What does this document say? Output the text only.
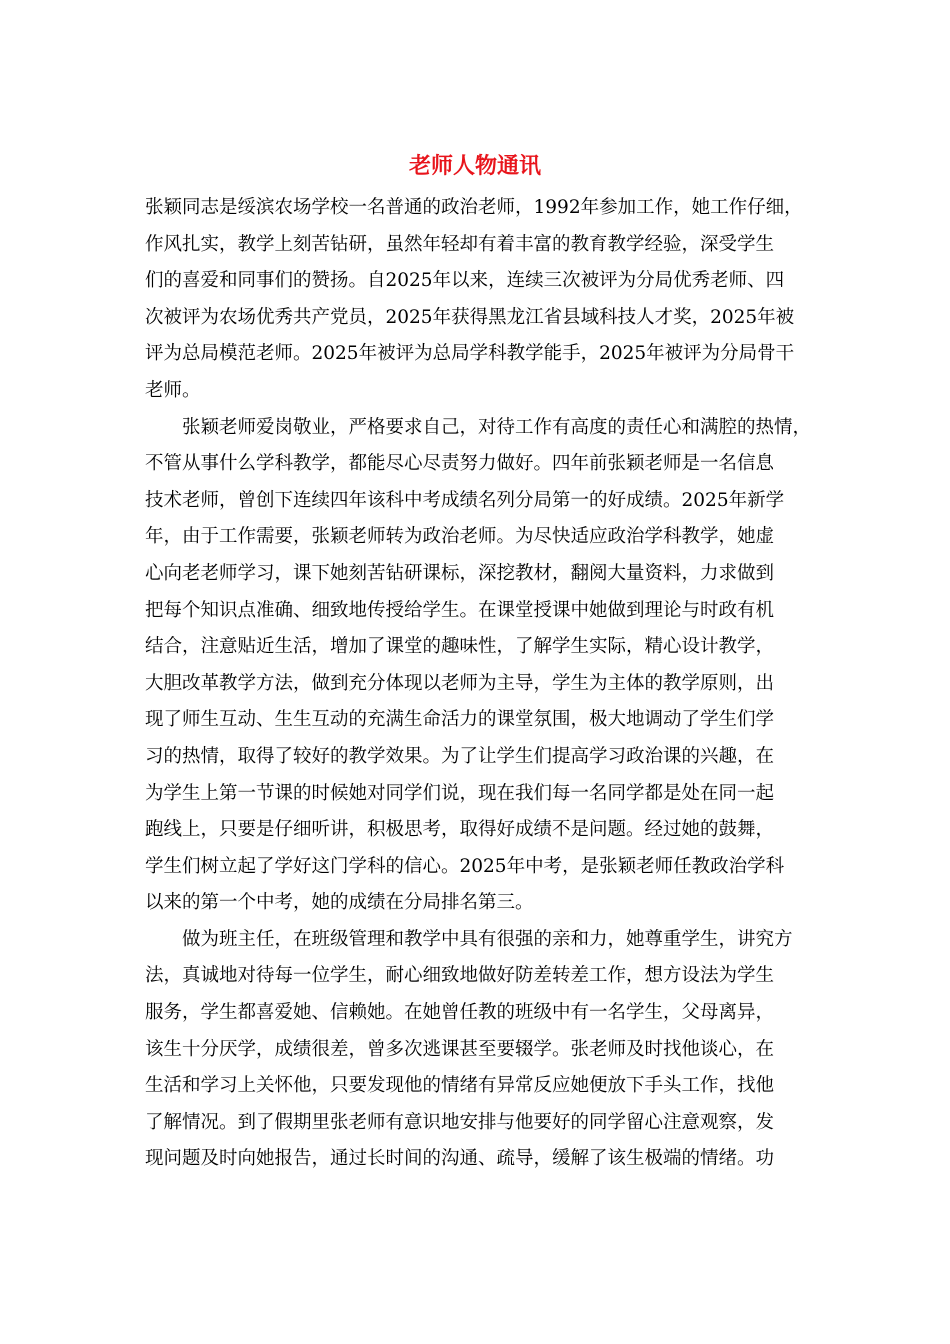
老师人物通讯
张颖同志是绥滨农场学校一名普通的政治老师，1992年参加工作，她工作仔细，
作风扎实，教学上刻苦钻研，虽然年轻却有着丰富的教育教学经验，深受学生
们的喜爱和同事们的赞扬。自2025年以来，连续三次被评为分局优秀老师、四
次被评为农场优秀共产党员，2025年获得黑龙江省县域科技人才奖，2025年被
评为总局模范老师。2025年被评为总局学科教学能手，2025年被评为分局骨干
老师。
　　张颖老师爱岗敬业，严格要求自己，对待工作有高度的责任心和满腔的热情，
不管从事什么学科教学，都能尽心尽责努力做好。四年前张颖老师是一名信息
技术老师，曾创下连续四年该科中考成绩名列分局第一的好成绩。2025年新学
年，由于工作需要，张颖老师转为政治老师。为尽快适应政治学科教学，她虚
心向老老师学习，课下她刻苦钻研课标，深挖教材，翻阅大量资料，力求做到
把每个知识点准确、细致地传授给学生。在课堂授课中她做到理论与时政有机
结合，注意贴近生活，增加了课堂的趣味性，了解学生实际，精心设计教学，
大胆改革教学方法，做到充分体现以老师为主导，学生为主体的教学原则，出
现了师生互动、生生互动的充满生命活力的课堂氛围，极大地调动了学生们学
习的热情，取得了较好的教学效果。为了让学生们提高学习政治课的兴趣，在
为学生上第一节课的时候她对同学们说，现在我们每一名同学都是处在同一起
跑线上，只要是仔细听讲，积极思考，取得好成绩不是问题。经过她的鼓舞，
学生们树立起了学好这门学科的信心。2025年中考，是张颖老师任教政治学科
以来的第一个中考，她的成绩在分局排名第三。
　　做为班主任，在班级管理和教学中具有很强的亲和力，她尊重学生，讲究方
法，真诚地对待每一位学生，耐心细致地做好防差转差工作，想方设法为学生
服务，学生都喜爱她、信赖她。在她曾任教的班级中有一名学生，父母离异，
该生十分厌学，成绩很差，曾多次逃课甚至要辍学。张老师及时找他谈心，在
生活和学习上关怀他，只要发现他的情绪有异常反应她便放下手头工作，找他
了解情况。到了假期里张老师有意识地安排与他要好的同学留心注意观察，发
现问题及时向她报告，通过长时间的沟通、疏导，缓解了该生极端的情绪。功
